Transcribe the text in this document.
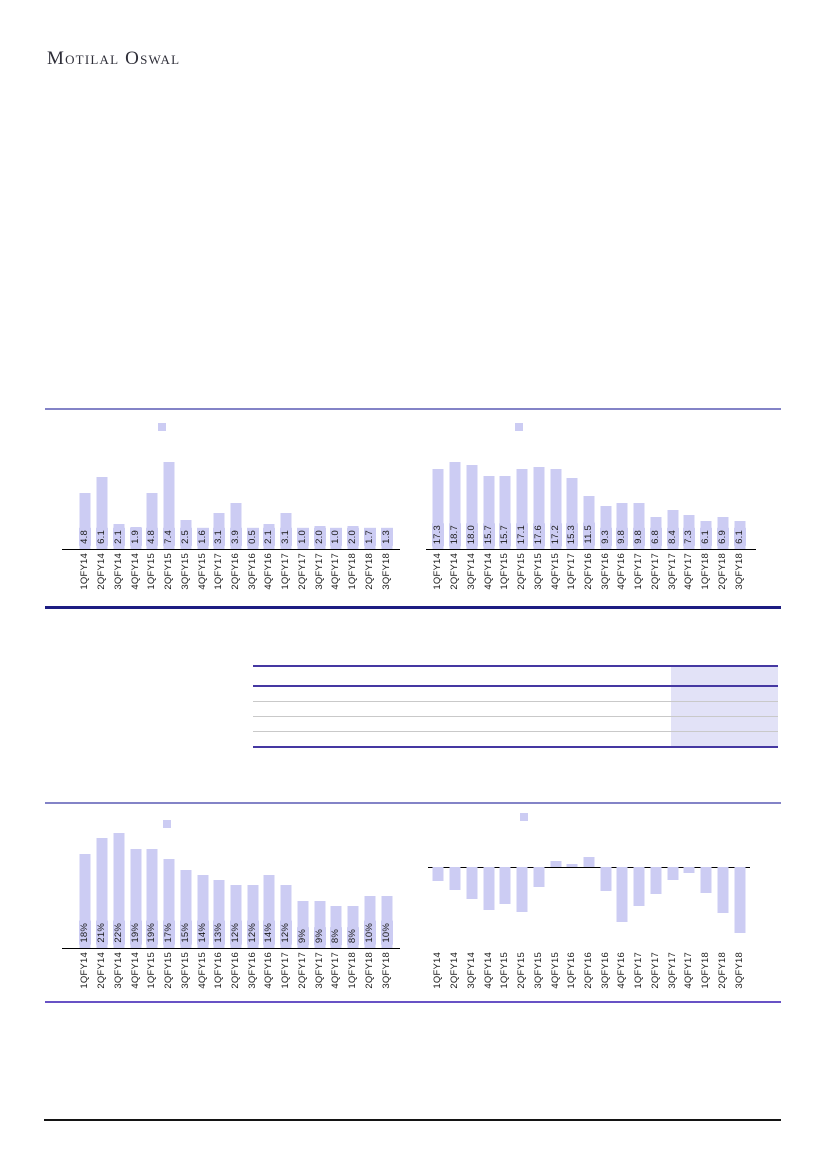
Motilal Oswal
4.8 6.1 2.1 1.9 4.8 7.4 2.5 1.6 3.1 3.9 0.5 2.1 3.1 1.0 2.0 1.0 2.0 1.7 1.3
1QFY14 2QFY14 3QFY14 4QFY14 1QFY15 2QFY15 3QFY15 4QFY15 1QFY17 2QFY16 3QFY16 4QFY16 1QFY17 2QFY17 3QFY17 4QFY17 1QFY18 2QFY18 3QFY18
17.3 18.7 18.0 15.7 15.7 17.1 17.6 17.2 15.3 11.5 9.3 9.8 9.8 6.8 8.4 7.3 6.1 6.9 6.1
1QFY14 2QFY14 3QFY14 4QFY14 1QFY15 2QFY15 3QFY15 4QFY15 1QFY17 2QFY16 3QFY16 4QFY16 1QFY17 2QFY17 3QFY17 4QFY17 1QFY18 2QFY18 3QFY18
18% 21% 22% 19% 19% 17% 15% 14% 13% 12% 12% 14% 12% 9% 9% 8% 8% 10% 10%
1QFY14 2QFY14 3QFY14 4QFY14 1QFY15 2QFY15 3QFY15 4QFY15 1QFY16 2QFY16 3QFY16 4QFY16 1QFY17 2QFY17 3QFY17 4QFY17 1QFY18 2QFY18 3QFY18	1QFY14 2QFY14 3QFY14 4QFY14 1QFY15 2QFY15 3QFY15 4QFY15 1QFY16 2QFY16 3QFY16 4QFY16 1QFY17 2QFY17 3QFY17 4QFY17 1QFY18 2QFY18 3QFY18
